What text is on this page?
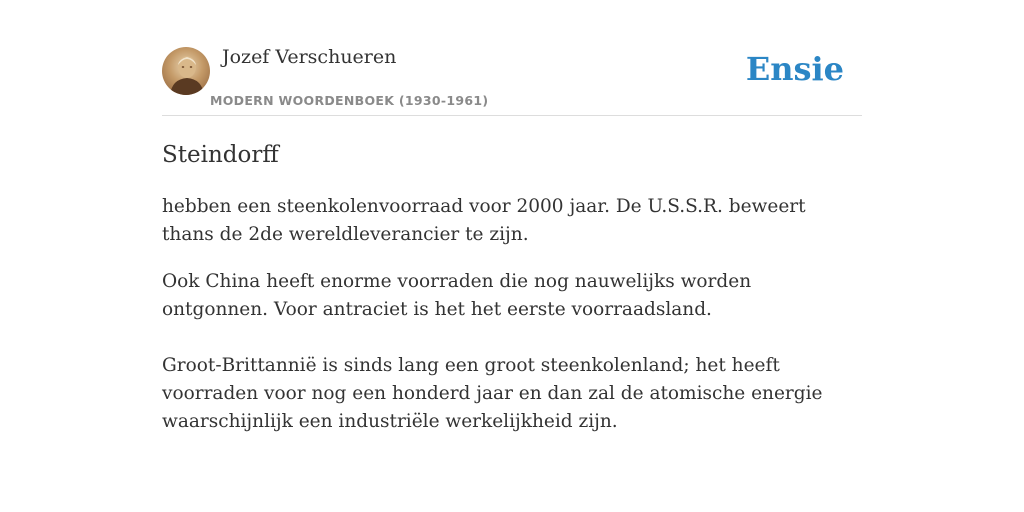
Jozef Verschueren
MODERN WOORDENBOEK (1930-1961)
Ensie
Steindorff

hebben een steenkolenvoorraad voor 2000 jaar. De U.S.S.R. beweert thans de 2de wereldleverancier te zijn.

Ook China heeft enorme voorraden die nog nauwelijks worden ontgonnen. Voor antraciet is het het eerste voorraadsland.

Groot-Brittannië is sinds lang een groot steenkolenland; het heeft voorraden voor nog een honderd jaar en dan zal de atomische energie waarschijnlijk een industriële werkelijkheid zijn.
